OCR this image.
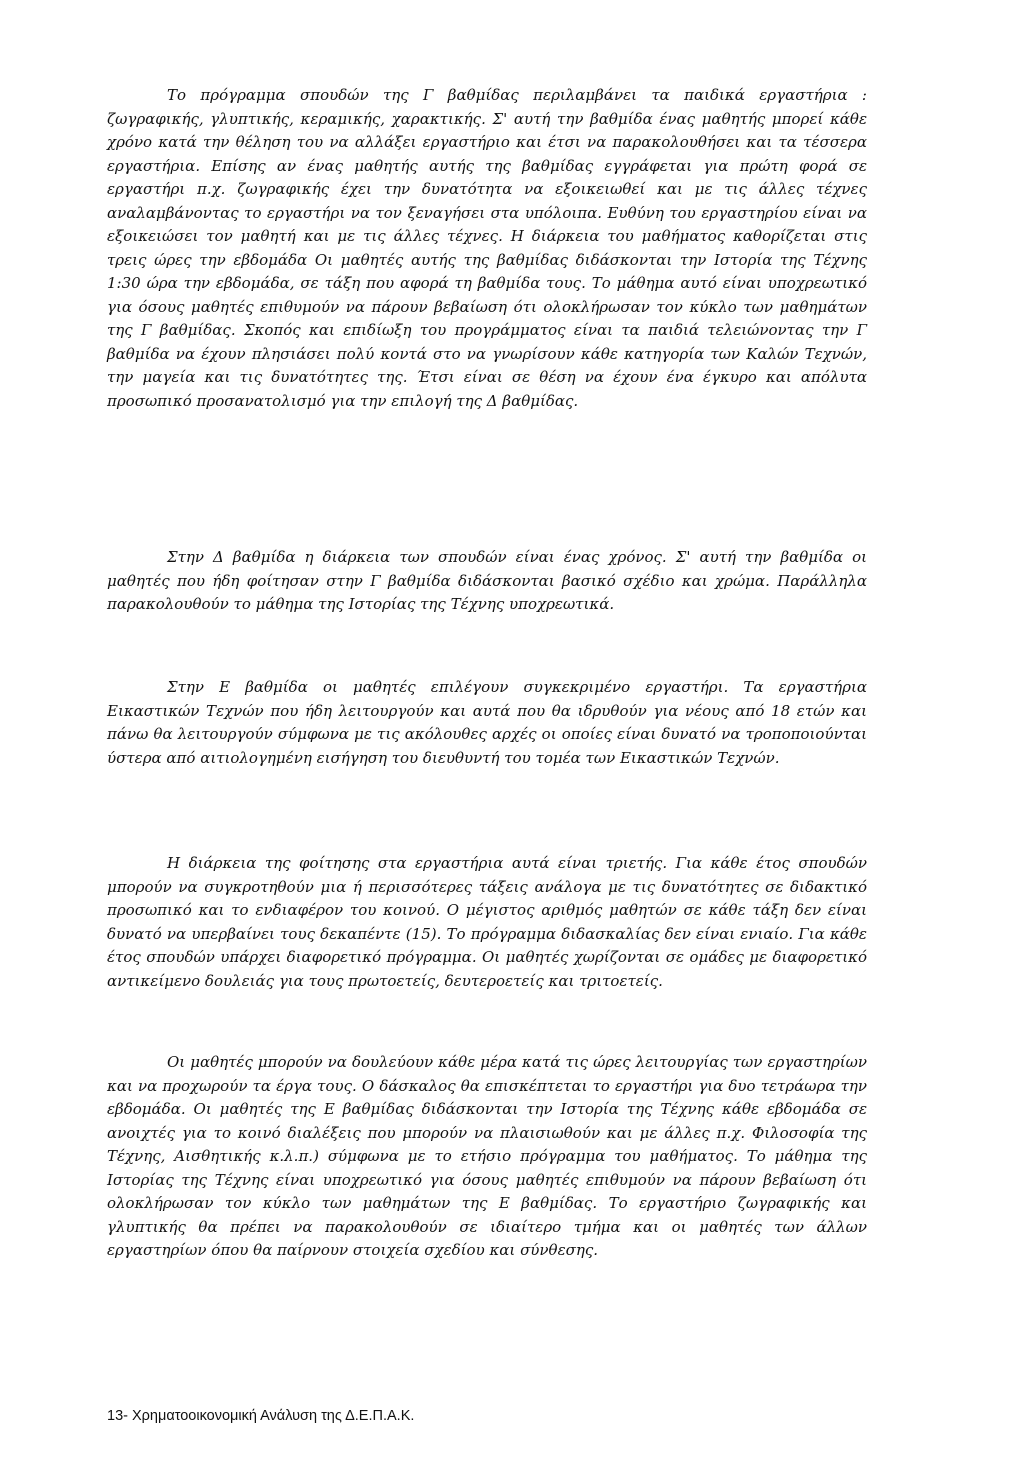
Το πρόγραμμα σπουδών της Γ βαθμίδας περιλαμβάνει τα παιδικά εργαστήρια : ζωγραφικής, γλυπτικής, κεραμικής, χαρακτικής. Σ' αυτή την βαθμίδα ένας μαθητής μπορεί κάθε χρόνο κατά την θέληση του να αλλάξει εργαστήριο και έτσι να παρακολουθήσει και τα τέσσερα εργαστήρια. Επίσης αν ένας μαθητής αυτής της βαθμίδας εγγράφεται για πρώτη φορά σε εργαστήρι π.χ. ζωγραφικής έχει την δυνατότητα να εξοικειωθεί και με τις άλλες τέχνες αναλαμβάνοντας το εργαστήρι να τον ξεναγήσει στα υπόλοιπα. Ευθύνη του εργαστηρίου είναι να εξοικειώσει τον μαθητή και με τις άλλες τέχνες. Η διάρκεια του μαθήματος καθορίζεται στις τρεις ώρες την εβδομάδα Οι μαθητές αυτής της βαθμίδας διδάσκονται την Ιστορία της Τέχνης 1:30 ώρα την εβδομάδα, σε τάξη που αφορά τη βαθμίδα τους. Το μάθημα αυτό είναι υποχρεωτικό για όσους μαθητές επιθυμούν να πάρουν βεβαίωση ότι ολοκλήρωσαν τον κύκλο των μαθημάτων της Γ βαθμίδας. Σκοπός και επιδίωξη του προγράμματος είναι τα παιδιά τελειώνοντας την Γ βαθμίδα να έχουν πλησιάσει πολύ κοντά στο να γνωρίσουν κάθε κατηγορία των Καλών Τεχνών, την μαγεία και τις δυνατότητες της. Έτσι είναι σε θέση να έχουν ένα έγκυρο και απόλυτα προσωπικό προσανατολισμό για την επιλογή της Δ βαθμίδας.

Στην Δ βαθμίδα η διάρκεια των σπουδών είναι ένας χρόνος. Σ' αυτή την βαθμίδα οι μαθητές που ήδη φοίτησαν στην Γ βαθμίδα διδάσκονται βασικό σχέδιο και χρώμα. Παράλληλα παρακολουθούν το μάθημα της Ιστορίας της Τέχνης υποχρεωτικά.

Στην Ε βαθμίδα οι μαθητές επιλέγουν συγκεκριμένο εργαστήρι. Τα εργαστήρια Εικαστικών Τεχνών που ήδη λειτουργούν και αυτά που θα ιδρυθούν για νέους από 18 ετών και πάνω θα λειτουργούν σύμφωνα με τις ακόλουθες αρχές οι οποίες είναι δυνατό να τροποποιούνται ύστερα από αιτιολογημένη εισήγηση του διευθυντή του τομέα των Εικαστικών Τεχνών.

Η διάρκεια της φοίτησης στα εργαστήρια αυτά είναι τριετής. Για κάθε έτος σπουδών μπορούν να συγκροτηθούν μια ή περισσότερες τάξεις ανάλογα με τις δυνατότητες σε διδακτικό προσωπικό και το ενδιαφέρον του κοινού. Ο μέγιστος αριθμός μαθητών σε κάθε τάξη δεν είναι δυνατό να υπερβαίνει τους δεκαπέντε (15). Το πρόγραμμα διδασκαλίας δεν είναι ενιαίο. Για κάθε έτος σπουδών υπάρχει διαφορετικό πρόγραμμα. Οι μαθητές χωρίζονται σε ομάδες με διαφορετικό αντικείμενο δουλειάς για τους πρωτοετείς, δευτεροετείς και τριτοετείς.

Οι μαθητές μπορούν να δουλεύουν κάθε μέρα κατά τις ώρες λειτουργίας των εργαστηρίων και να προχωρούν τα έργα τους. Ο δάσκαλος θα επισκέπτεται το εργαστήρι για δυο τετράωρα την εβδομάδα. Οι μαθητές της Ε βαθμίδας διδάσκονται την Ιστορία της Τέχνης κάθε εβδομάδα σε ανοιχτές για το κοινό διαλέξεις που μπορούν να πλαισιωθούν και με άλλες π.χ. Φιλοσοφία της Τέχνης, Αισθητικής κ.λ.π.) σύμφωνα με το ετήσιο πρόγραμμα του μαθήματος. Το μάθημα της Ιστορίας της Τέχνης είναι υποχρεωτικό για όσους μαθητές επιθυμούν να πάρουν βεβαίωση ότι ολοκλήρωσαν τον κύκλο των μαθημάτων της Ε βαθμίδας. Το εργαστήριο ζωγραφικής και γλυπτικής θα πρέπει να παρακολουθούν σε ιδιαίτερο τμήμα και οι μαθητές των άλλων εργαστηρίων όπου θα παίρνουν στοιχεία σχεδίου και σύνθεσης.

13- Χρηματοοικονομική Ανάλυση της Δ.Ε.Π.Α.Κ.
